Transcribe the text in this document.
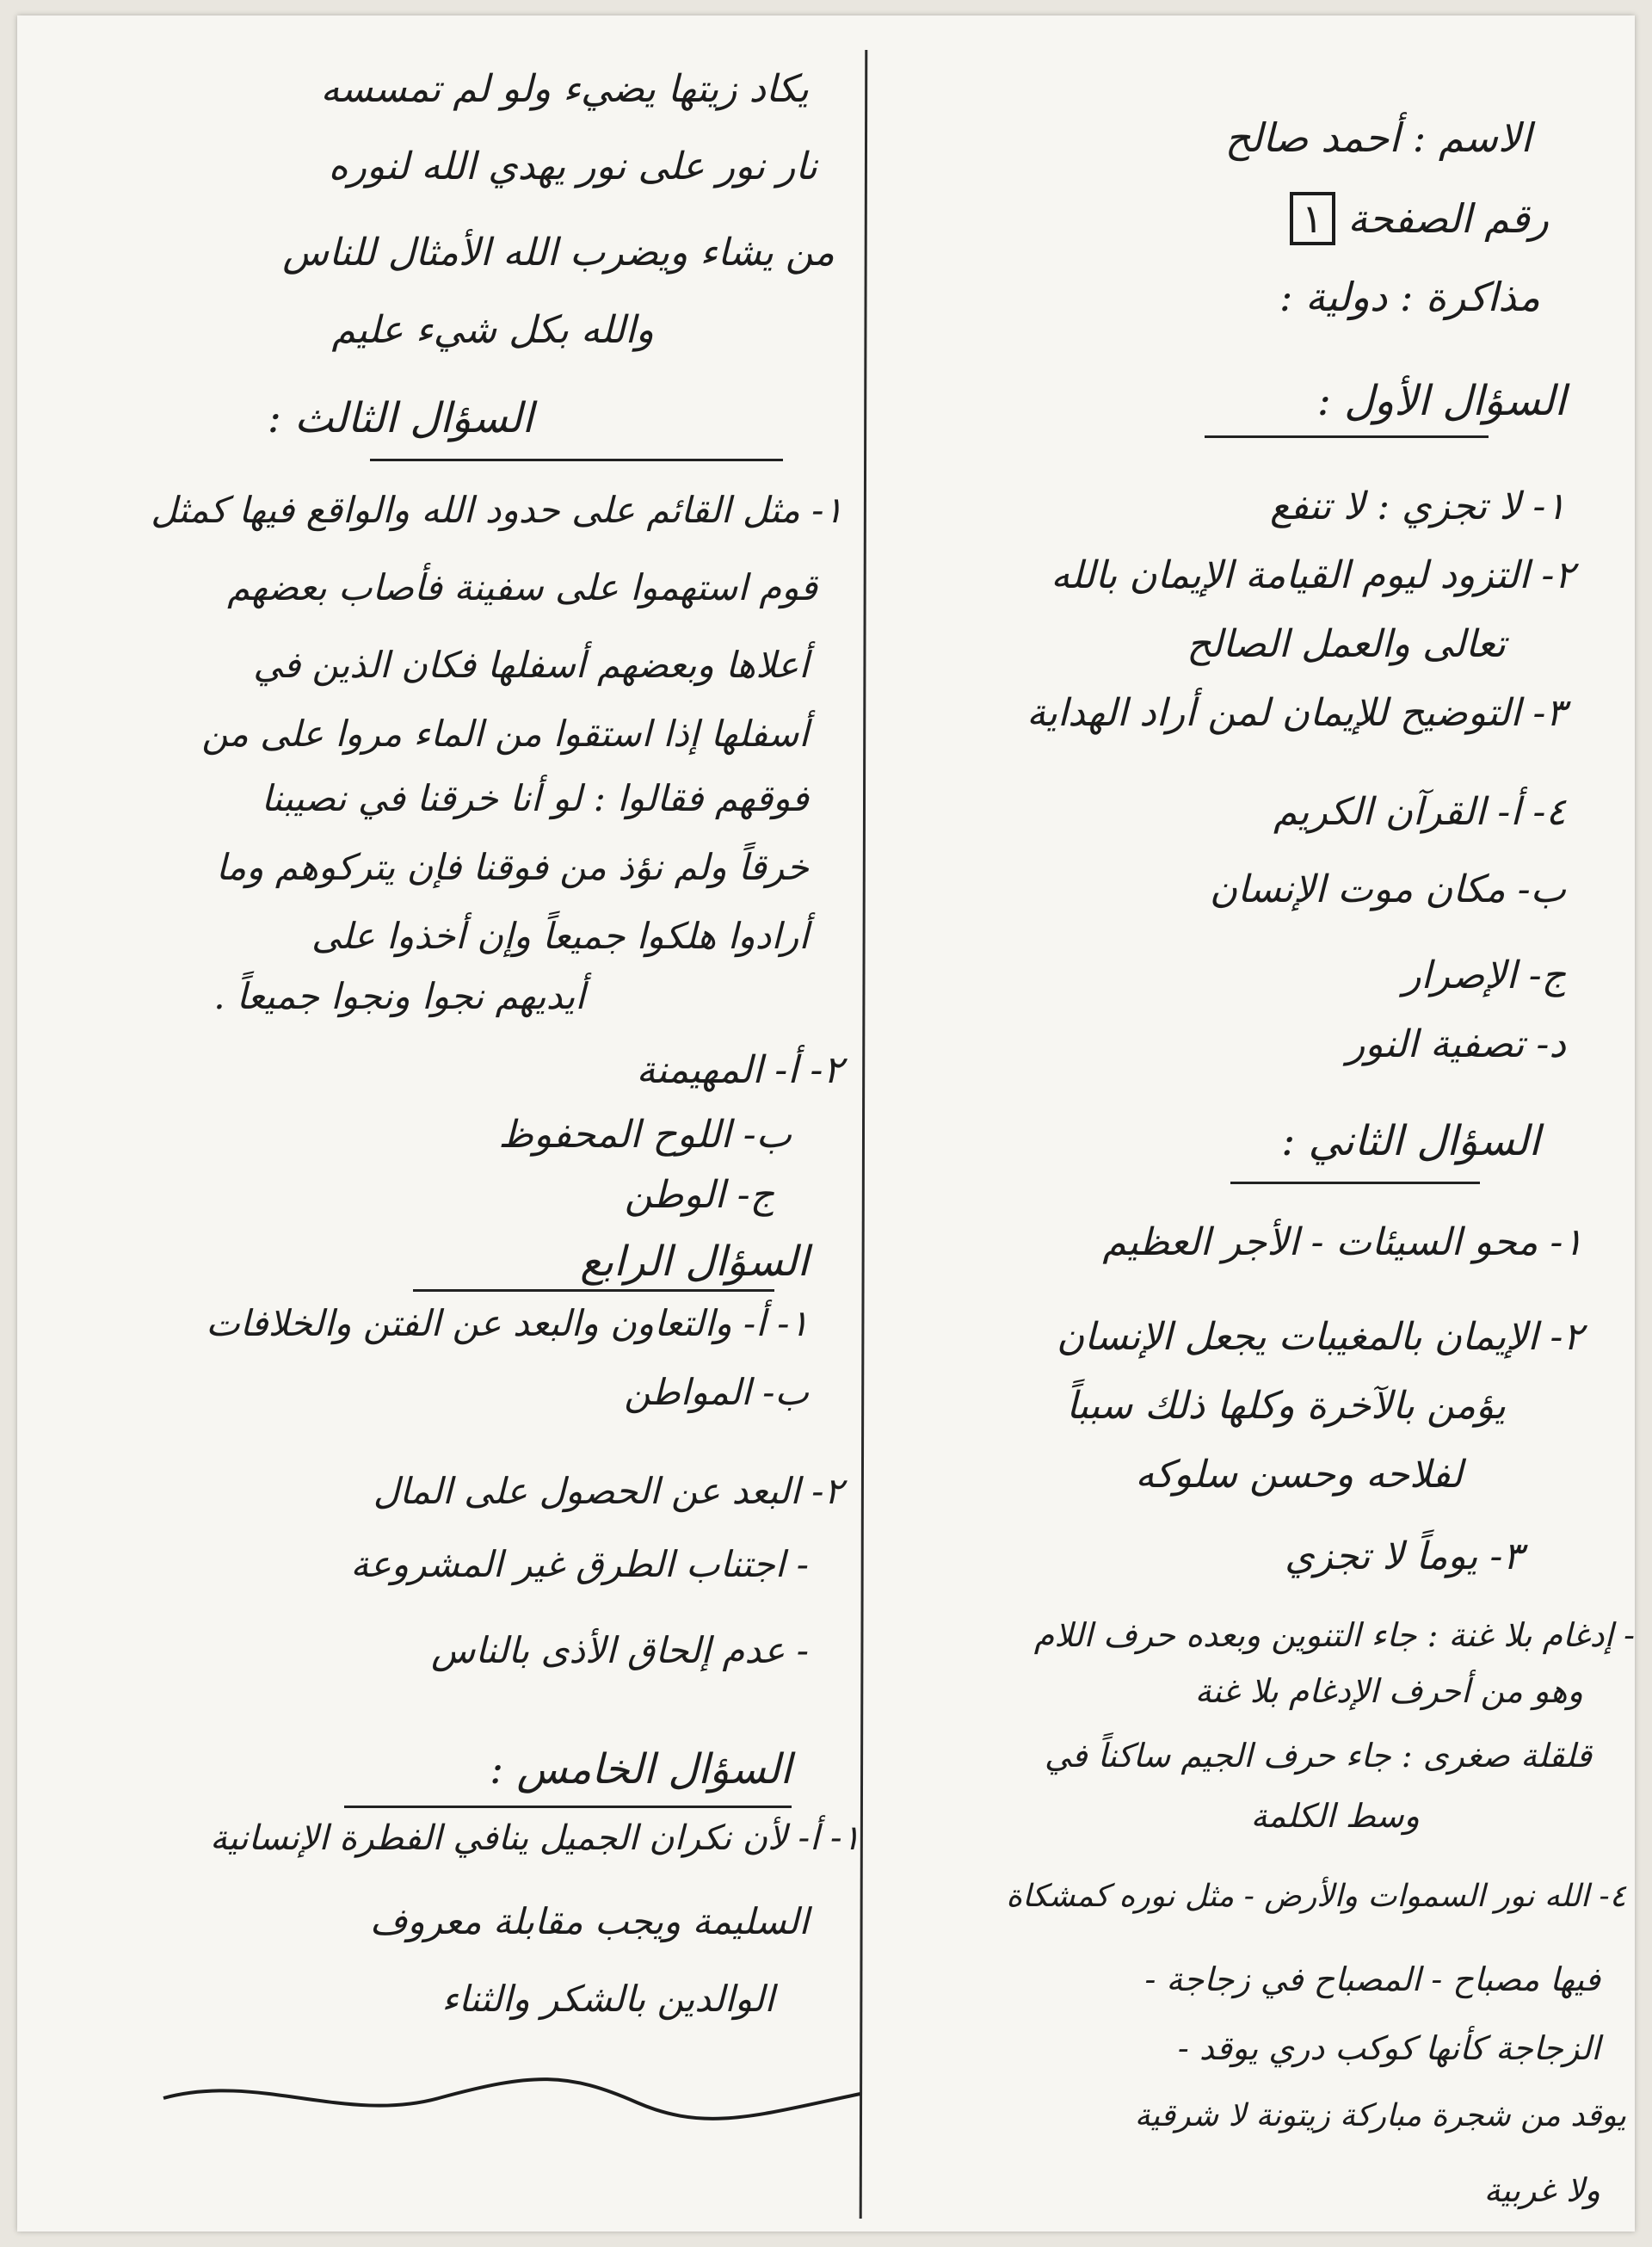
يكاد زيتها يضيء ولو لم تمسسه
نار نور على نور يهدي الله لنوره
من يشاء ويضرب الله الأمثال للناس
والله بكل شيء عليم
السؤال الثالث :
١- مثل القائم على حدود الله والواقع فيها كمثل
قوم استهموا على سفينة فأصاب بعضهم
أعلاها وبعضهم أسفلها فكان الذين في
أسفلها إذا استقوا من الماء مروا على من
فوقهم فقالوا : لو أنا خرقنا في نصيبنا
خرقاً ولم نؤذ من فوقنا فإن يتركوهم وما
أرادوا هلكوا جميعاً وإن أخذوا على
أيديهم نجوا ونجوا جميعاً .
٢- أ- المهيمنة
ب- اللوح المحفوظ
ج- الوطن
السؤال الرابع
١- أ- والتعاون والبعد عن الفتن والخلافات
ب- المواطن
٢- البعد عن الحصول على المال
- اجتناب الطرق غير المشروعة
- عدم إلحاق الأذى بالناس
السؤال الخامس :
١- أ- لأن نكران الجميل ينافي الفطرة الإنسانية
السليمة ويجب مقابلة معروف
الوالدين بالشكر والثناء
الاسم : أحمد صالح
رقم الصفحة ١
مذاكرة : دولية :
السؤال الأول :
١- لا تجزي : لا تنفع
٢- التزود ليوم القيامة الإيمان بالله
تعالى والعمل الصالح
٣- التوضيح للإيمان لمن أراد الهداية
٤- أ- القرآن الكريم
ب- مكان موت الإنسان
ج- الإصرار
د- تصفية النور
السؤال الثاني :
١- محو السيئات - الأجر العظيم
٢- الإيمان بالمغيبات يجعل الإنسان
يؤمن بالآخرة وكلها ذلك سبباً
لفلاحه وحسن سلوكه
٣- يوماً لا تجزي
- إدغام بلا غنة : جاء التنوين وبعده حرف اللام
وهو من أحرف الإدغام بلا غنة
قلقلة صغرى : جاء حرف الجيم ساكناً في
وسط الكلمة
٤- الله نور السموات والأرض - مثل نوره كمشكاة
فيها مصباح - المصباح في زجاجة -
الزجاجة كأنها كوكب دري يوقد -
يوقد من شجرة مباركة زيتونة لا شرقية
ولا غربية
